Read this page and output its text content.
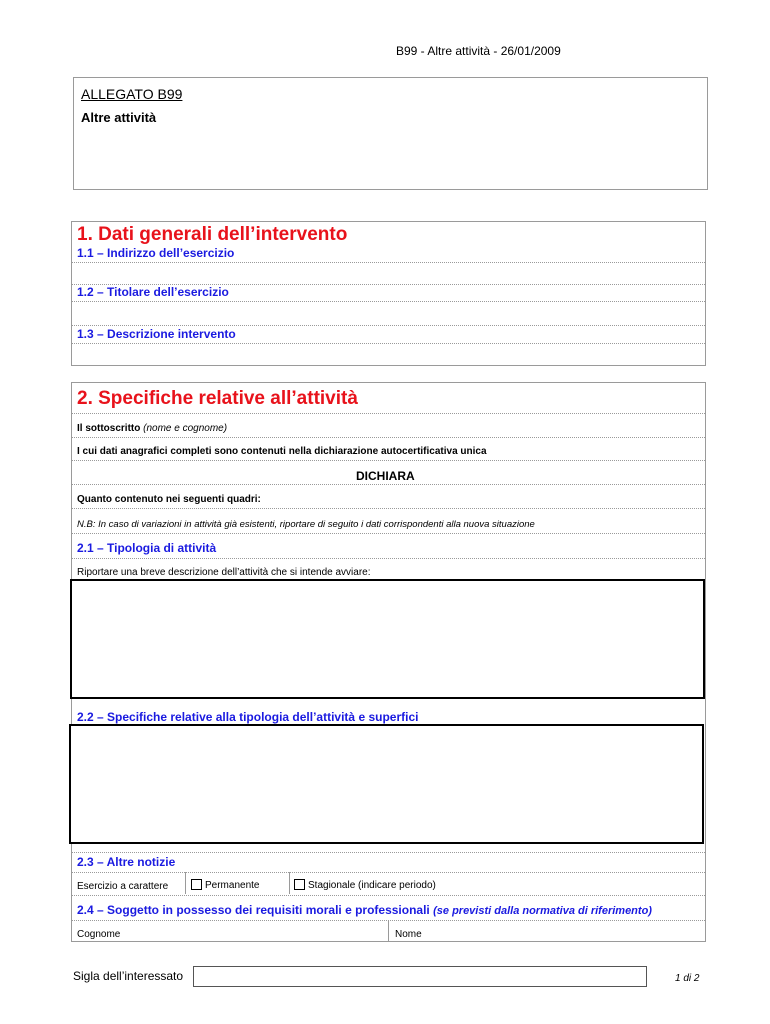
B99 - Altre attività - 26/01/2009
ALLEGATO B99
Altre attività
1. Dati generali dell’intervento
1.1 – Indirizzo dell’esercizio
1.2 – Titolare dell’esercizio
1.3 – Descrizione intervento
2. Specifiche relative all’attività
Il sottoscritto (nome e cognome)
I cui dati anagrafici completi sono contenuti nella dichiarazione autocertificativa unica
DICHIARA
Quanto contenuto nei seguenti quadri:
N.B: In caso di variazioni in attività già esistenti, riportare di seguito i dati corrispondenti alla nuova situazione
2.1 – Tipologia di attività
Riportare una breve descrizione dell’attività che si intende avviare:
2.2 – Specifiche relative alla tipologia dell’attività e superfici
2.3 – Altre notizie
Esercizio a carattere	Permanente	Stagionale (indicare periodo)
2.4 – Soggetto in possesso dei requisiti morali e professionali (se previsti dalla normativa di riferimento)
Cognome	Nome
Sigla dell’interessato	1 di 2
